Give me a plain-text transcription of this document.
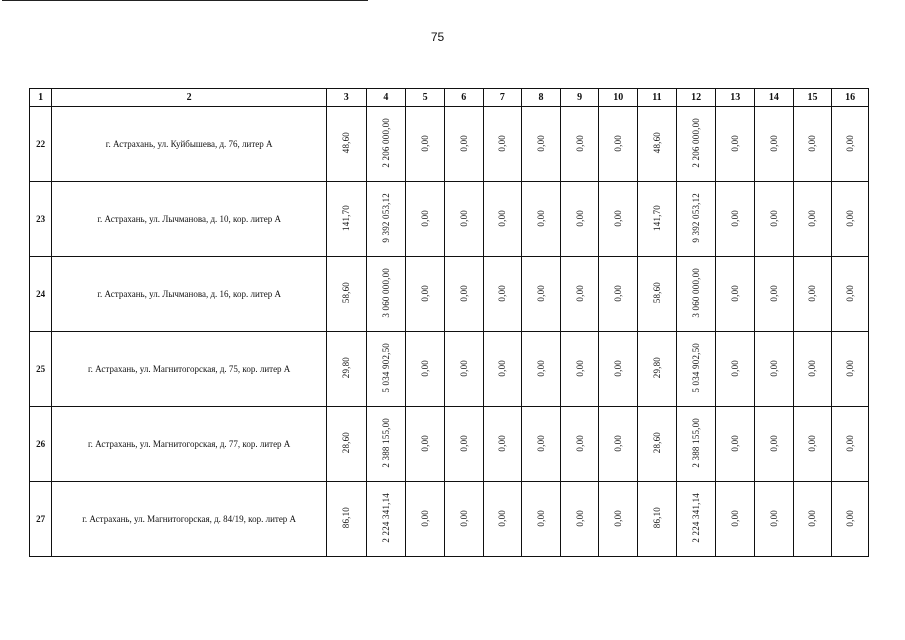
75
1	2	3	4	5	6	7	8	9	10	11	12	13	14	15	16
22	г. Астрахань, ул. Куйбышева, д. 76, литер А	48,60	2 206 000,00	0,00	0,00	0,00	0,00	0,00	0,00	48,60	2 206 000,00	0,00	0,00	0,00	0,00
23	г. Астрахань, ул. Лычманова, д. 10, кор. литер А	141,70	9 392 053,12	0,00	0,00	0,00	0,00	0,00	0,00	141,70	9 392 053,12	0,00	0,00	0,00	0,00
24	г. Астрахань, ул. Лычманова, д. 16, кор. литер А	58,60	3 060 000,00	0,00	0,00	0,00	0,00	0,00	0,00	58,60	3 060 000,00	0,00	0,00	0,00	0,00
25	г. Астрахань, ул. Магнитогорская, д. 75, кор. литер А	29,80	5 034 902,50	0,00	0,00	0,00	0,00	0,00	0,00	29,80	5 034 902,50	0,00	0,00	0,00	0,00
26	г. Астрахань, ул. Магнитогорская, д. 77, кор. литер А	28,60	2 388 155,00	0,00	0,00	0,00	0,00	0,00	0,00	28,60	2 388 155,00	0,00	0,00	0,00	0,00
27	г. Астрахань, ул. Магнитогорская, д. 84/19, кор. литер А	86,10	2 224 341,14	0,00	0,00	0,00	0,00	0,00	0,00	86,10	2 224 341,14	0,00	0,00	0,00	0,00
